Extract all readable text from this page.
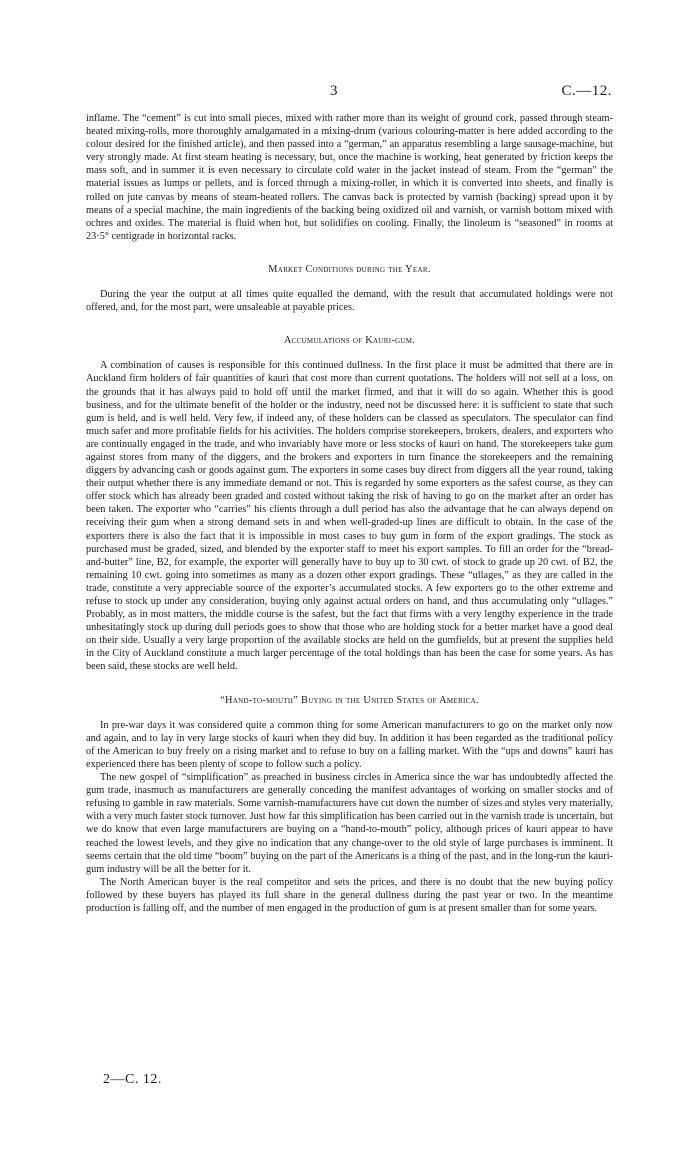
3	C.—12.

inflame. The “cement” is cut into small pieces, mixed with rather more than its weight of ground cork, passed through steam-heated mixing-rolls, more thoroughly amalgamated in a mixing-drum (various colouring-matter is here added according to the colour desired for the finished article), and then passed into a “german,” an apparatus resembling a large sausage-machine, but very strongly made. At first steam heating is necessary, but, once the machine is working, heat generated by friction keeps the mass soft, and in summer it is even necessary to circulate cold water in the jacket instead of steam. From the “german” the material issues as lumps or pellets, and is forced through a mixing-roller, in which it is converted into sheets, and finally is rolled on jute canvas by means of steam-heated rollers. The canvas back is protected by varnish (backing) spread upon it by means of a special machine, the main ingredients of the backing being oxidized oil and varnish, or varnish bottom mixed with ochres and oxides. The material is fluid when hot, but solidifies on cooling. Finally, the linoleum is “seasoned” in rooms at 23·5° centigrade in horizontal racks.

Market Conditions during the Year.

During the year the output at all times quite equalled the demand, with the result that accumulated holdings were not offered, and, for the most part, were unsaleable at payable prices.

Accumulations of Kauri-gum.

A combination of causes is responsible for this continued dullness. In the first place it must be admitted that there are in Auckland firm holders of fair quantities of kauri that cost more than current quotations. The holders will not sell at a loss, on the grounds that it has always paid to hold off until the market firmed, and that it will do so again. Whether this is good business, and for the ultimate benefit of the holder or the industry, need not be discussed here: it is sufficient to state that such gum is held, and is well held. Very few, if indeed any, of these holders can be classed as speculators. The speculator can find much safer and more profitable fields for his activities. The holders comprise storekeepers, brokers, dealers, and exporters who are continually engaged in the trade, and who invariably have more or less stocks of kauri on hand. The storekeepers take gum against stores from many of the diggers, and the brokers and exporters in turn finance the storekeepers and the remaining diggers by advancing cash or goods against gum. The exporters in some cases buy direct from diggers all the year round, taking their output whether there is any immediate demand or not. This is regarded by some exporters as the safest course, as they can offer stock which has already been graded and costed without taking the risk of having to go on the market after an order has been taken. The exporter who “carries” his clients through a dull period has also the advantage that he can always depend on receiving their gum when a strong demand sets in and when well-graded-up lines are difficult to obtain. In the case of the exporters there is also the fact that it is impossible in most cases to buy gum in form of the export gradings. The stock as purchased must be graded, sized, and blended by the exporter staff to meet his export samples. To fill an order for the “bread-and-butter” line, B2, for example, the exporter will generally have to buy up to 30 cwt. of stock to grade up 20 cwt. of B2, the remaining 10 cwt. going into sometimes as many as a dozen other export gradings. These “ullages,” as they are called in the trade, constitute a very appreciable source of the exporter’s accumulated stocks. A few exporters go to the other extreme and refuse to stock up under any consideration, buying only against actual orders on hand, and thus accumulating only “ullages.” Probably, as in most matters, the middle course is the safest, but the fact that firms with a very lengthy experience in the trade unhesitatingly stock up during dull periods goes to show that those who are holding stock for a better market have a good deal on their side. Usually a very large proportion of the available stocks are held on the gumfields, but at present the supplies held in the City of Auckland constitute a much larger percentage of the total holdings than has been the case for some years. As has been said, these stocks are well held.

“Hand-to-mouth” Buying in the United States of America.

In pre-war days it was considered quite a common thing for some American manufacturers to go on the market only now and again, and to lay in very large stocks of kauri when they did buy. In addition it has been regarded as the traditional policy of the American to buy freely on a rising market and to refuse to buy on a falling market. With the “ups and downs” kauri has experienced there has been plenty of scope to follow such a policy.

The new gospel of “simplification” as preached in business circles in America since the war has undoubtedly affected the gum trade, inasmuch as manufacturers are generally conceding the manifest advantages of working on smaller stocks and of refusing to gamble in raw materials. Some varnish-manufacturers have cut down the number of sizes and styles very materially, with a very much faster stock turnover. Just how far this simplification has been carried out in the varnish trade is uncertain, but we do know that even large manufacturers are buying on a “hand-to-mouth” policy, although prices of kauri appear to have reached the lowest levels, and they give no indication that any change-over to the old style of large purchases is imminent. It seems certain that the old time “boom” buying on the part of the Americans is a thing of the past, and in the long-run the kauri-gum industry will be all the better for it.

The North American buyer is the real competitor and sets the prices, and there is no doubt that the new buying policy followed by these buyers has played its full share in the general dullness during the past year or two. In the meantime production is falling off, and the number of men engaged in the production of gum is at present smaller than for some years.

2—C. 12.
